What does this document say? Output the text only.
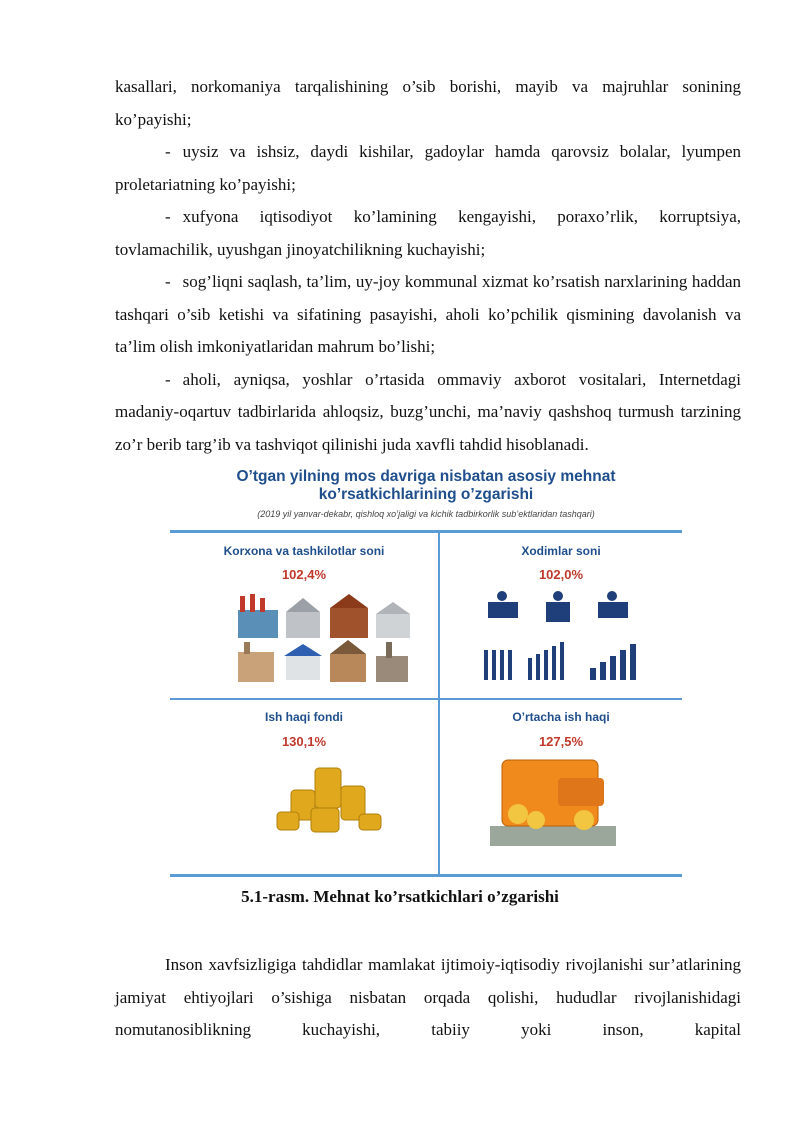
kasallari, norkomaniya tarqalishining o’sib borishi, mayib va majruhlar sonining ko’payishi;

- uysiz va ishsiz, daydi kishilar, gadoylar hamda qarovsiz bolalar, lyumpen proletariatning ko’payishi;

- xufyona iqtisodiyot ko’lamining kengayishi, poraxo’rlik, korruptsiya, tovlamachilik, uyushgan jinoyatchilikning kuchayishi;

- sog’liqni saqlash, ta’lim, uy-joy kommunal xizmat ko’rsatish narxlarining haddan tashqari o’sib ketishi va sifatining pasayishi, aholi ko’pchilik qismining davolanish va ta’lim olish imkoniyatlaridan mahrum bo’lishi;

- aholi, ayniqsa, yoshlar o’rtasida ommaviy axborot vositalari, Internetdagi madaniy-oqartuv tadbirlarida ahloqsiz, buzg’unchi, ma’naviy qashshoq turmush tarzining zo’r berib targ’ib va tashviqot qilinishi juda xavfli tahdid hisoblanadi.

O’tgan yilning mos davriga nisbatan asosiy mehnat
ko’rsatkichlarining o’zgarishi
(2019 yil yanvar-dekabr, qishloq xo’jaligi va kichik tadbirkorlik sub’ektlaridan tashqari)
Korxona va tashkilotlar soni
102,4%
Xodimlar soni
102,0%
Ish haqi fondi
130,1%
O’rtacha ish haqi
127,5%
5.1-rasm. Mehnat ko’rsatkichlari o’zgarishi

Inson xavfsizligiga tahdidlar mamlakat ijtimoiy-iqtisodiy rivojlanishi sur’atlarining jamiyat ehtiyojlari o’sishiga nisbatan orqada qolishi, hududlar rivojlanishidagi nomutanosiblikning kuchayishi, tabiiy yoki inson, kapital
